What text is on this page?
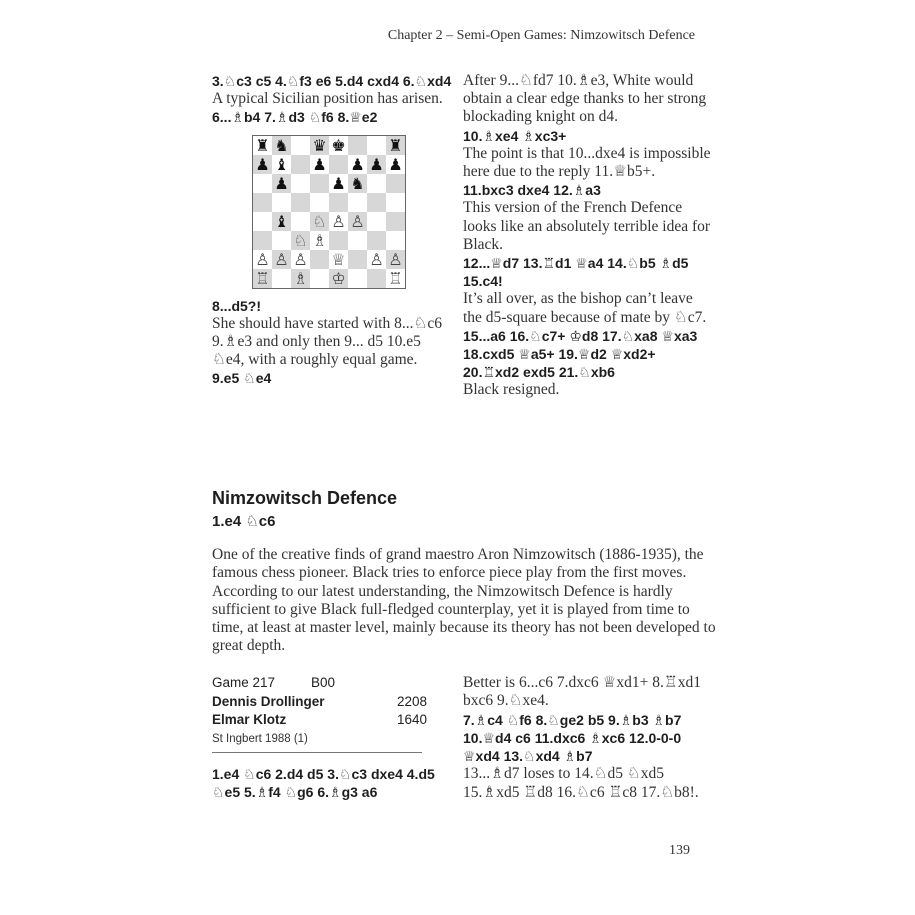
Chapter 2 – Semi-Open Games: Nimzowitsch Defence

3.♘c3 c5 4.♘f3 e6 5.d4 cxd4 6.♘xd4

A typical Sicilian position has arisen.

6...♗b4 7.♗d3 ♘f6 8.♕e2

♜ ♞ ♛ ♚	♜
♟ ♝ ♟ ♟ ♟ ♟
♟	♟ ♞
♝ ♘ ♙ ♙
♘ ♗
♙ ♙ ♙ ♕ ♙ ♙
♖ ♗ ♔	♖

8...d5?!

She should have started with 8...♘c6 9.♗e3 and only then 9... d5 10.e5 ♘e4, with a roughly equal game.

9.e5 ♘e4

After 9...♘fd7 10.♗e3, White would obtain a clear edge thanks to her strong blockading knight on d4.

10.♗xe4 ♗xc3+

The point is that 10...dxe4 is impossible here due to the reply 11.♕b5+.

11.bxc3 dxe4 12.♗a3

This version of the French Defence looks like an absolutely terrible idea for Black.

12...♕d7 13.♖d1 ♕a4 14.♘b5 ♗d5 15.c4!

It’s all over, as the bishop can’t leave the d5-square because of mate by ♘c7.

15...a6 16.♘c7+ ♔d8 17.♘xa8 ♕xa3 18.cxd5 ♕a5+ 19.♕d2 ♕xd2+ 20.♖xd2 exd5 21.♘xb6

Black resigned.

Nimzowitsch Defence
1.e4 ♘c6

One of the creative finds of grand maestro Aron Nimzowitsch (1886-1935), the famous chess pioneer. Black tries to enforce piece play from the first moves. According to our latest understanding, the Nimzowitsch Defence is hardly sufficient to give Black full-fledged counterplay, yet it is played from time to time, at least at master level, mainly because its theory has not been developed to great depth.

Game 217	B00
Dennis Drollinger	2208
Elmar Klotz	1640
St Ingbert 1988 (1)

1.e4 ♘c6 2.d4 d5 3.♘c3 dxe4 4.d5 ♘e5 5.♗f4 ♘g6 6.♗g3 a6

Better is 6...c6 7.dxc6 ♕xd1+ 8.♖xd1 bxc6 9.♘xe4.

7.♗c4 ♘f6 8.♘ge2 b5 9.♗b3 ♗b7 10.♕d4 c6 11.dxc6 ♗xc6 12.0-0-0 ♕xd4 13.♘xd4 ♗b7

13...♗d7 loses to 14.♘d5 ♘xd5 15.♗xd5 ♖d8 16.♘c6 ♖c8 17.♘b8!.

139
